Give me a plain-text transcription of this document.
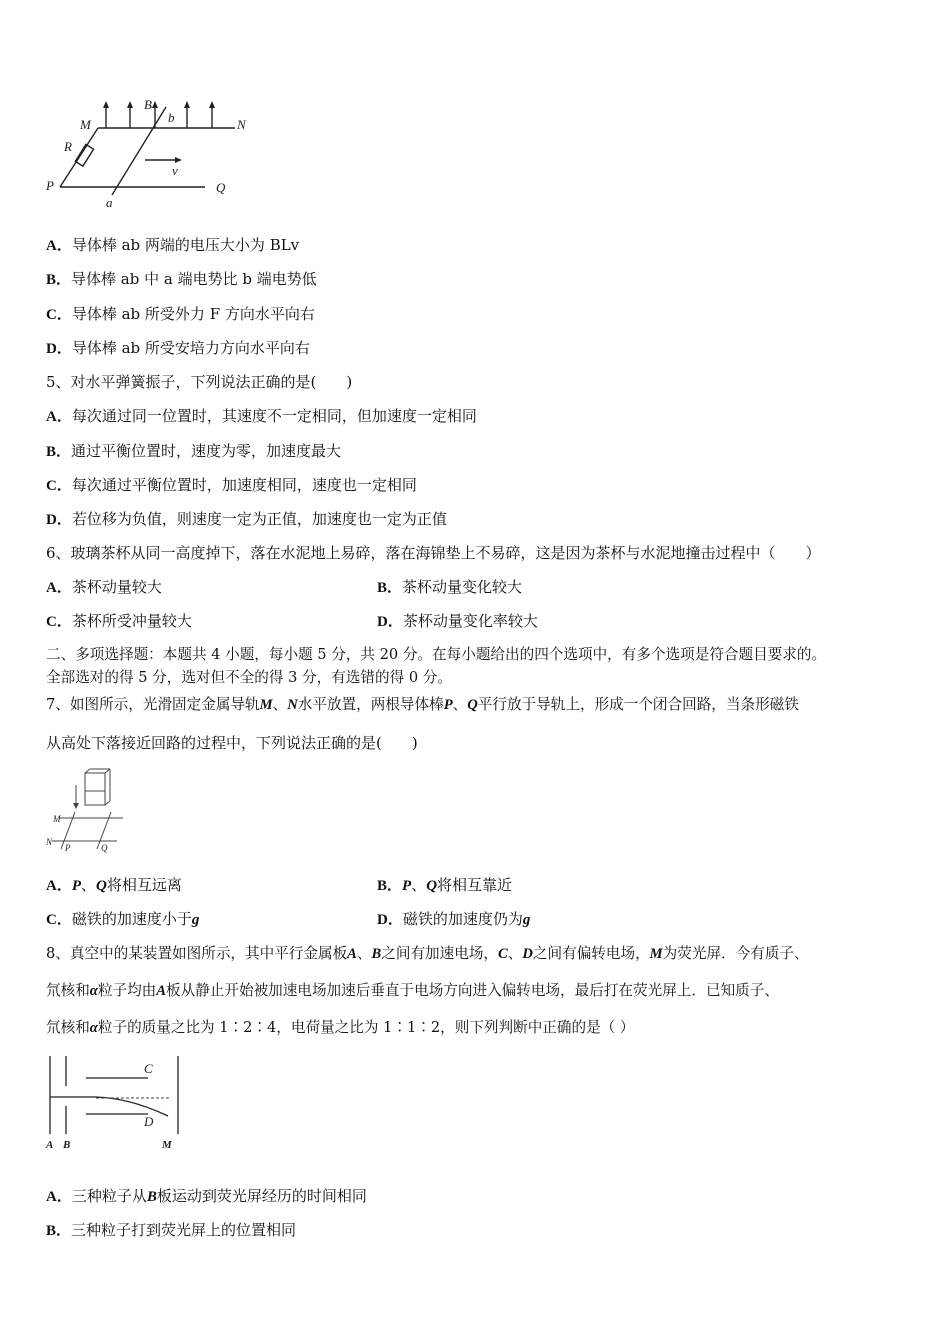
M
B
b	N
R
v
P	Q
a
A．导体棒 ab 两端的电压大小为 BLv
B．导体棒 ab 中 a 端电势比 b 端电势低
C．导体棒 ab 所受外力 F 方向水平向右
D．导体棒 ab 所受安培力方向水平向右
5、对水平弹簧振子，下列说法正确的是(　　)
A．每次通过同一位置时，其速度不一定相同，但加速度一定相同
B．通过平衡位置时，速度为零，加速度最大
C．每次通过平衡位置时，加速度相同，速度也一定相同
D．若位移为负值，则速度一定为正值，加速度也一定为正值
6、玻璃茶杯从同一高度掉下，落在水泥地上易碎，落在海锦垫上不易碎，这是因为茶杯与水泥地撞击过程中（　　）
A．茶杯动量较大	B．茶杯动量变化较大
C．茶杯所受冲量较大	D．茶杯动量变化率较大
二、多项选择题：本题共 4 小题，每小题 5 分，共 20 分。在每小题给出的四个选项中，有多个选项是符合题目要求的。
全部选对的得 5 分，选对但不全的得 3 分，有选错的得 0 分。
7、如图所示，光滑固定金属导轨M、N水平放置，两根导体棒P、Q平行放于导轨上，形成一个闭合回路，当条形磁铁
从高处下落接近回路的过程中，下列说法正确的是(　　)
M
N
P	Q
A．P、Q将相互远离	B．P、Q将相互靠近
C．磁铁的加速度小于g	D．磁铁的加速度仍为g
8、真空中的某装置如图所示，其中平行金属板A、B之间有加速电场，C、D之间有偏转电场，M为荧光屏．今有质子、
氘核和α粒子均由A板从静止开始被加速电场加速后垂直于电场方向进入偏转电场，最后打在荧光屏上．已知质子、
氘核和α粒子的质量之比为 1∶2∶4，电荷量之比为 1∶1∶2，则下列判断中正确的是（ ）
C
D
A B	M
A．三种粒子从B板运动到荧光屏经历的时间相同
B．三种粒子打到荧光屏上的位置相同
